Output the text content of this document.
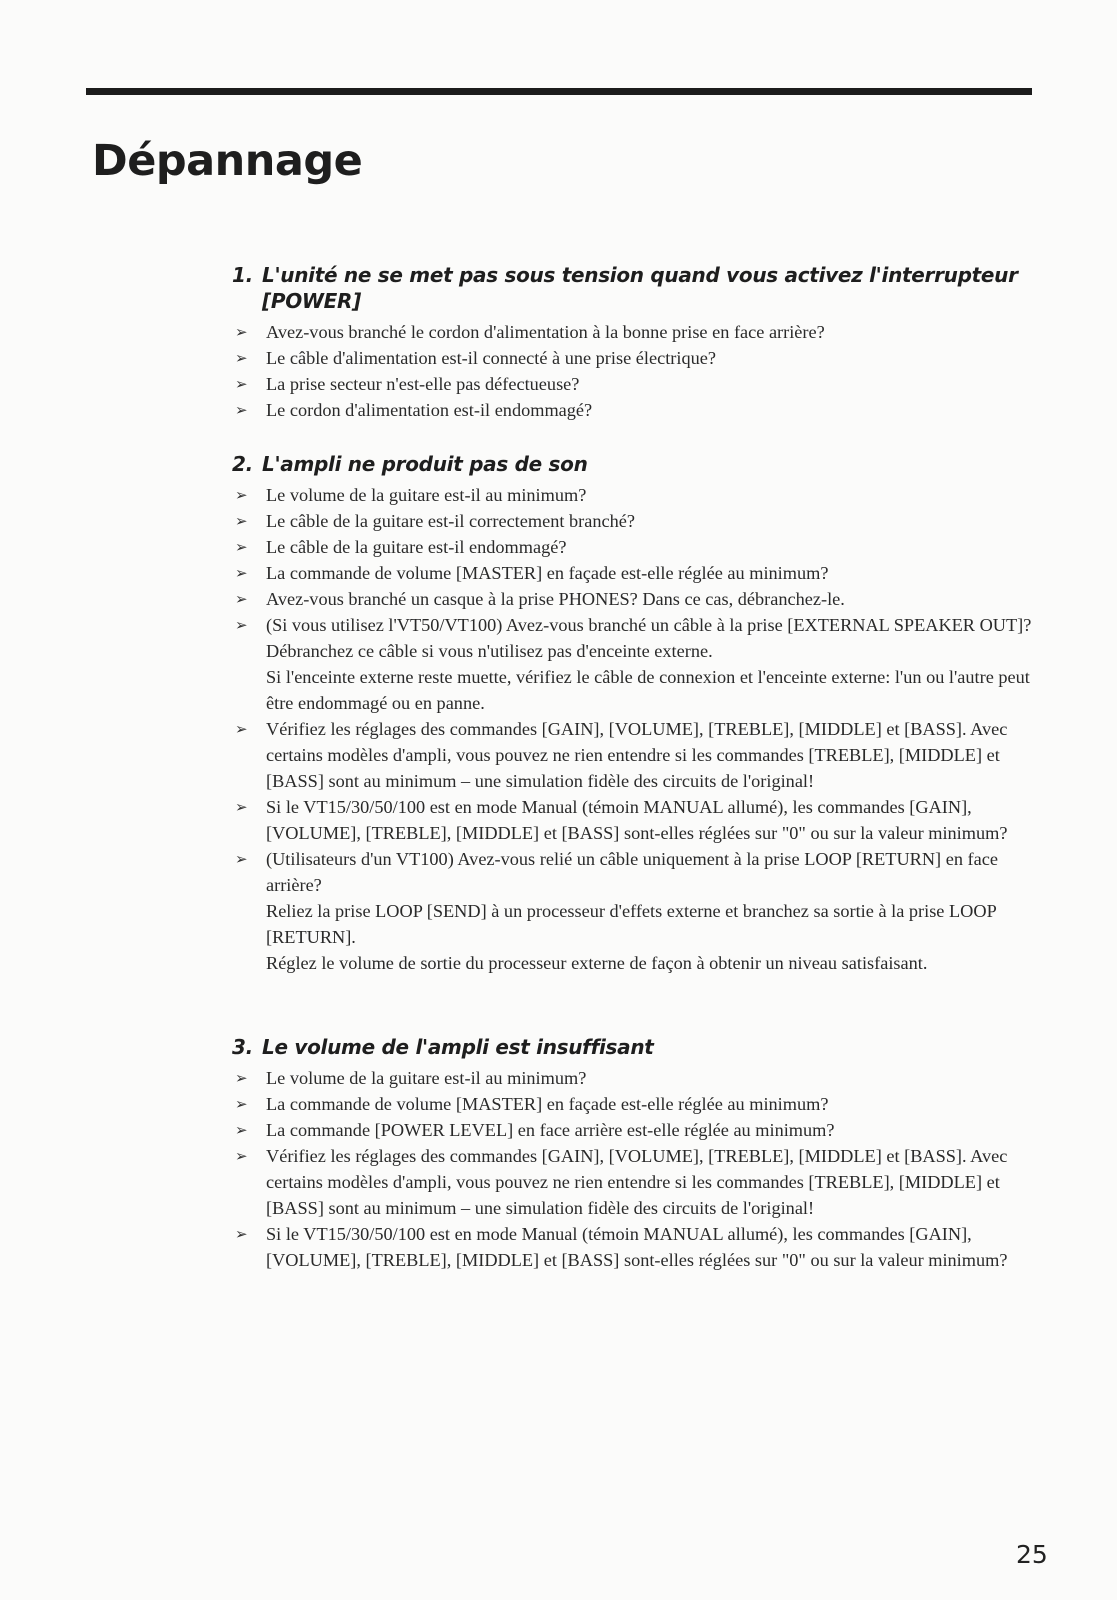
Dépannage
1. L'unité ne se met pas sous tension quand vous activez l'interrupteur [POWER]
➢ Avez-vous branché le cordon d'alimentation à la bonne prise en face arrière?

➢ Le câble d'alimentation est-il connecté à une prise électrique?

➢ La prise secteur n'est-elle pas défectueuse?

➢ Le cordon d'alimentation est-il endommagé?

2. L'ampli ne produit pas de son
➢ Le volume de la guitare est-il au minimum?

➢ Le câble de la guitare est-il correctement branché?

➢ Le câble de la guitare est-il endommagé?

➢ La commande de volume [MASTER] en façade est-elle réglée au minimum?

➢ Avez-vous branché un casque à la prise PHONES? Dans ce cas, débranchez-le.

➢ (Si vous utilisez l'VT50/VT100) Avez-vous branché un câble à la prise [EXTERNAL SPEAKER OUT]?

Débranchez ce câble si vous n'utilisez pas d'enceinte externe.

Si l'enceinte externe reste muette, vérifiez le câble de connexion et l'enceinte externe: l'un ou l'autre peut être endommagé ou en panne.

➢ Vérifiez les réglages des commandes [GAIN], [VOLUME], [TREBLE], [MIDDLE] et [BASS]. Avec certains modèles d'ampli, vous pouvez ne rien entendre si les commandes [TREBLE], [MIDDLE] et [BASS] sont au minimum – une simulation fidèle des circuits de l'original!

➢ Si le VT15/30/50/100 est en mode Manual (témoin MANUAL allumé), les commandes [GAIN], [VOLUME], [TREBLE], [MIDDLE] et [BASS] sont-elles réglées sur "0" ou sur la valeur minimum?

➢ (Utilisateurs d'un VT100) Avez-vous relié un câble uniquement à la prise LOOP [RETURN] en face arrière?

Reliez la prise LOOP [SEND] à un processeur d'effets externe et branchez sa sortie à la prise LOOP [RETURN].

Réglez le volume de sortie du processeur externe de façon à obtenir un niveau satisfaisant.

3. Le volume de l'ampli est insuffisant
➢ Le volume de la guitare est-il au minimum?

➢ La commande de volume [MASTER] en façade est-elle réglée au minimum?

➢ La commande [POWER LEVEL] en face arrière est-elle réglée au minimum?

➢ Vérifiez les réglages des commandes [GAIN], [VOLUME], [TREBLE], [MIDDLE] et [BASS]. Avec certains modèles d'ampli, vous pouvez ne rien entendre si les commandes [TREBLE], [MIDDLE] et [BASS] sont au minimum – une simulation fidèle des circuits de l'original!

➢ Si le VT15/30/50/100 est en mode Manual (témoin MANUAL allumé), les commandes [GAIN], [VOLUME], [TREBLE], [MIDDLE] et [BASS] sont-elles réglées sur "0" ou sur la valeur minimum?

25
